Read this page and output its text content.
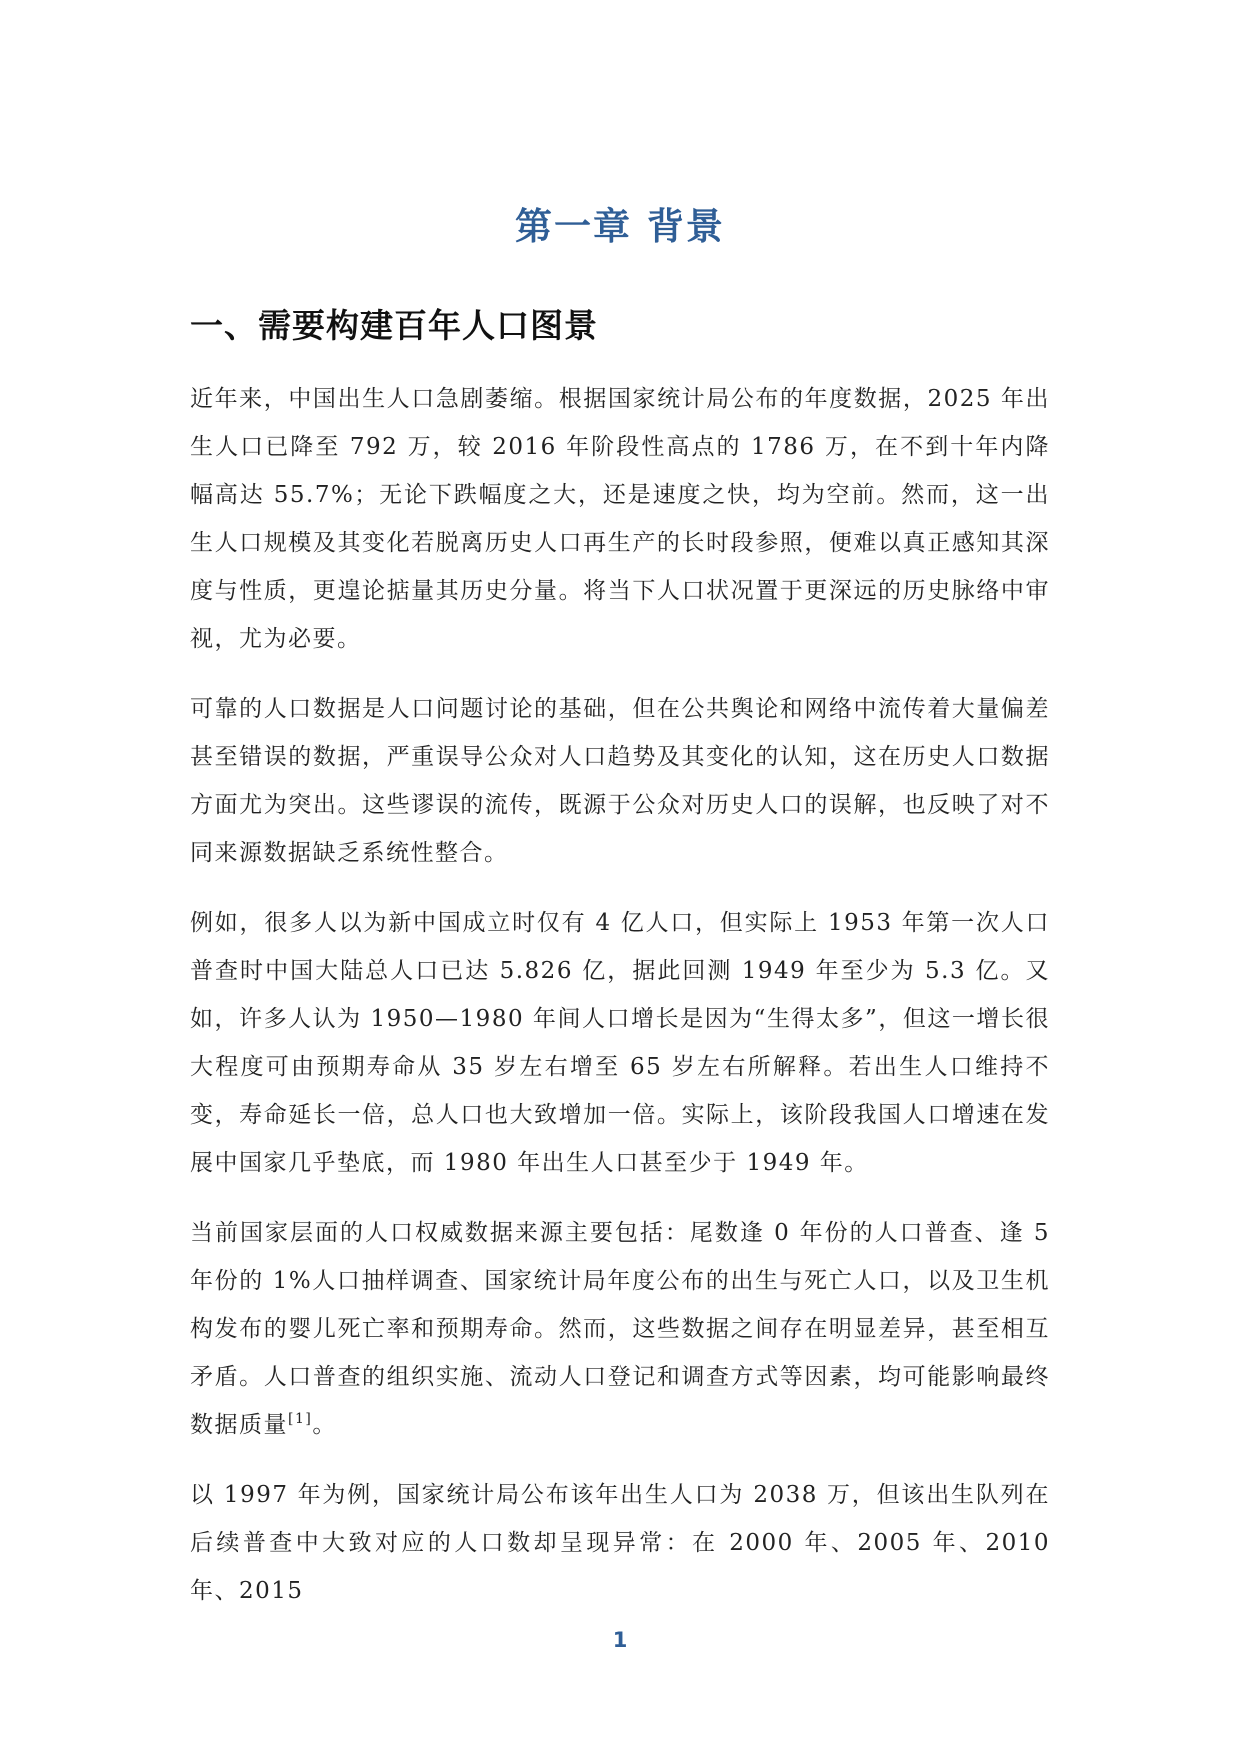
第一章 背景
一、需要构建百年人口图景

近年来，中国出生人口急剧萎缩。根据国家统计局公布的年度数据，2025 年出生人口已降至 792 万，较 2016 年阶段性高点的 1786 万，在不到十年内降幅高达 55.7%；无论下跌幅度之大，还是速度之快，均为空前。然而，这一出生人口规模及其变化若脱离历史人口再生产的长时段参照，便难以真正感知其深度与性质，更遑论掂量其历史分量。将当下人口状况置于更深远的历史脉络中审视，尤为必要。

可靠的人口数据是人口问题讨论的基础，但在公共舆论和网络中流传着大量偏差甚至错误的数据，严重误导公众对人口趋势及其变化的认知，这在历史人口数据方面尤为突出。这些谬误的流传，既源于公众对历史人口的误解，也反映了对不同来源数据缺乏系统性整合。

例如，很多人以为新中国成立时仅有 4 亿人口，但实际上 1953 年第一次人口普查时中国大陆总人口已达 5.826 亿，据此回测 1949 年至少为 5.3 亿。又如，许多人认为 1950—1980 年间人口增长是因为“生得太多”，但这一增长很大程度可由预期寿命从 35 岁左右增至 65 岁左右所解释。若出生人口维持不变，寿命延长一倍，总人口也大致增加一倍。实际上，该阶段我国人口增速在发展中国家几乎垫底，而 1980 年出生人口甚至少于 1949 年。

当前国家层面的人口权威数据来源主要包括：尾数逢 0 年份的人口普查、逢 5 年份的 1%人口抽样调查、国家统计局年度公布的出生与死亡人口，以及卫生机构发布的婴儿死亡率和预期寿命。然而，这些数据之间存在明显差异，甚至相互矛盾。人口普查的组织实施、流动人口登记和调查方式等因素，均可能影响最终数据质量[1]。

以 1997 年为例，国家统计局公布该年出生人口为 2038 万，但该出生队列在后续普查中大致对应的人口数却呈现异常：在 2000 年、2005 年、2010 年、2015

1
